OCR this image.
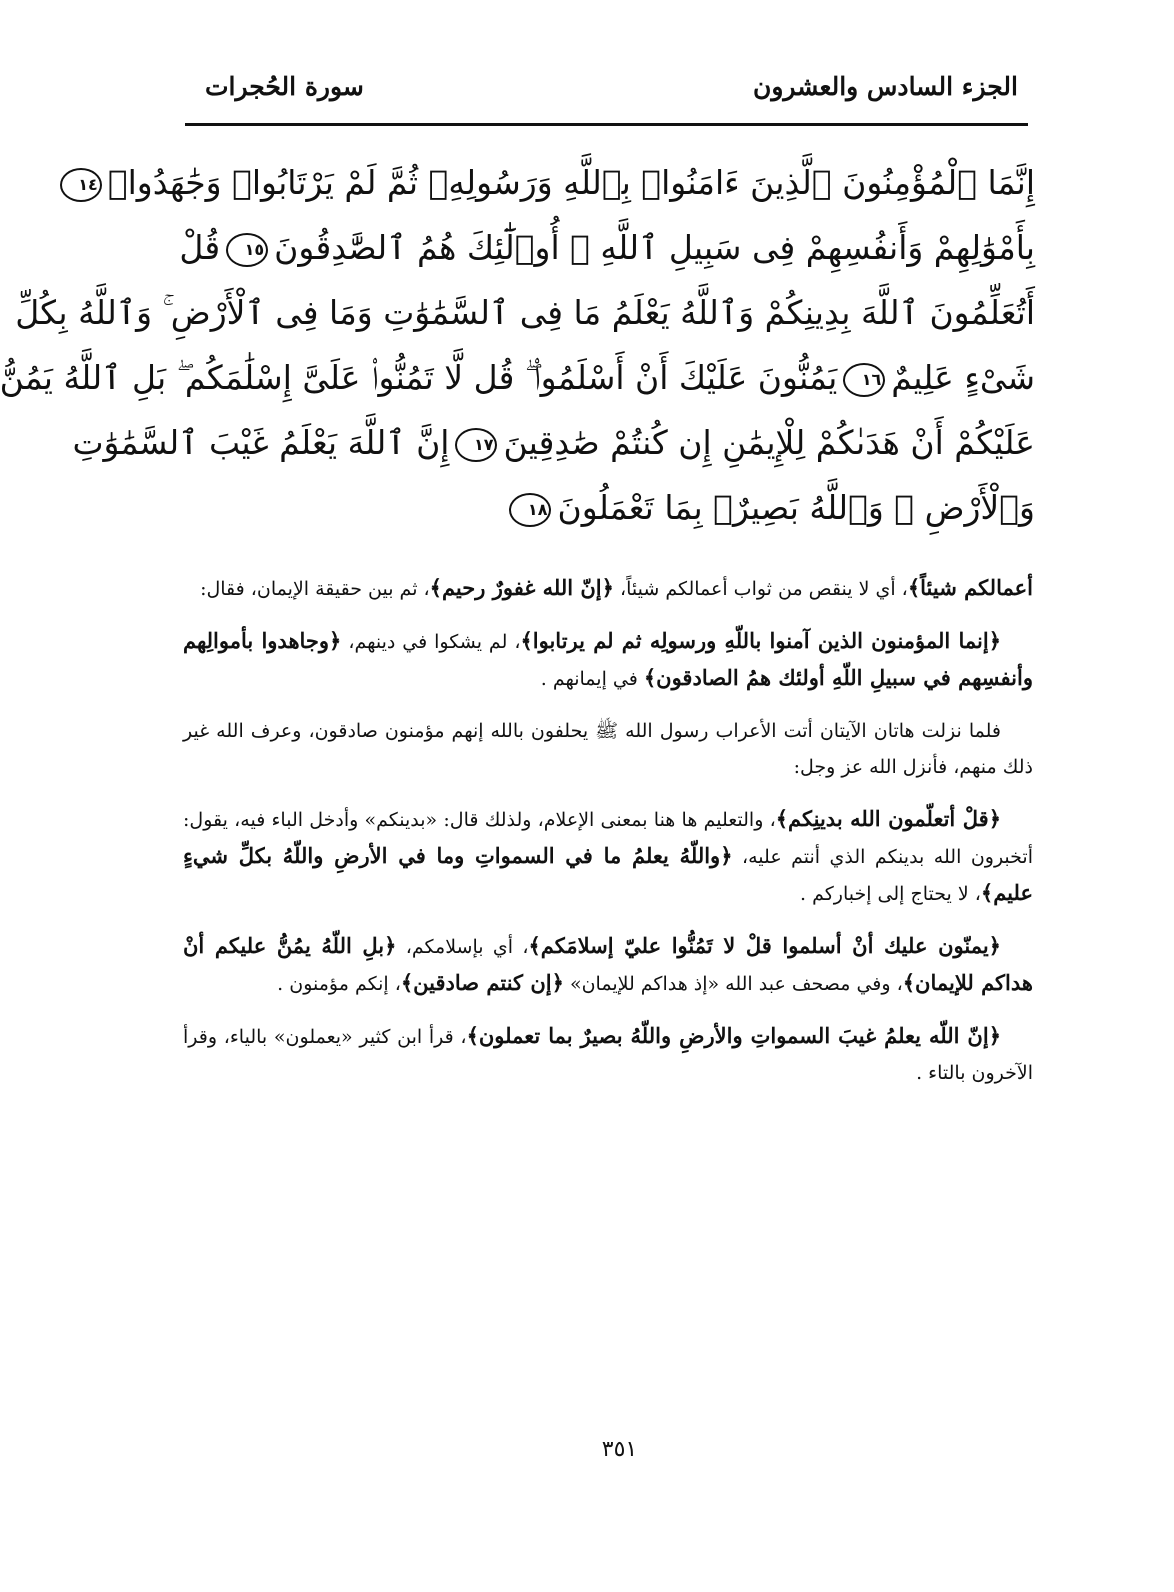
الجزء السادس والعشرون
سورة الحُجرات
إِنَّمَا ٱلْمُؤْمِنُونَ ٱلَّذِينَ ءَامَنُوا۟ بِٱللَّهِ وَرَسُولِهِۦ ثُمَّ لَمْ يَرْتَابُوا۟ وَجَٰهَدُوا۟١٤
بِأَمْوَٰلِهِمْ وَأَنفُسِهِمْ فِى سَبِيلِ ٱللَّهِ ۚ أُو۟لَٰٓئِكَ هُمُ ٱلصَّٰدِقُونَ١٥قُلْ
أَتُعَلِّمُونَ ٱللَّهَ بِدِينِكُمْ وَٱللَّهُ يَعْلَمُ مَا فِى ٱلسَّمَٰوَٰتِ وَمَا فِى ٱلْأَرْضِ ۚ وَٱللَّهُ بِكُلِّ
شَىْءٍ عَلِيمٌ١٦يَمُنُّونَ عَلَيْكَ أَنْ أَسْلَمُوا۟ ۖ قُل لَّا تَمُنُّوا۟ عَلَىَّ إِسْلَٰمَكُم ۖ بَلِ ٱللَّهُ يَمُنُّ
عَلَيْكُمْ أَنْ هَدَىٰكُمْ لِلْإِيمَٰنِ إِن كُنتُمْ صَٰدِقِينَ١٧إِنَّ ٱللَّهَ يَعْلَمُ غَيْبَ ٱلسَّمَٰوَٰتِ
وَٱلْأَرْضِ ۚ وَٱللَّهُ بَصِيرٌۢ بِمَا تَعْمَلُونَ١٨

أعمالكم شيئاً﴾، أي لا ينقص من ثواب أعمالكم شيئاً، ﴿إنّ الله غفورٌ رحيم﴾، ثم بين حقيقة الإيمان، فقال:

﴿إنما المؤمنون الذين آمنوا باللّهِ ورسولِه ثم لم يرتابوا﴾، لم يشكوا في دينهم، ﴿وجاهدوا بأموالِهم وأنفسِهم في سبيلِ اللّهِ أولئك همُ الصادقون﴾ في إيمانهم .

فلما نزلت هاتان الآيتان أتت الأعراب رسول الله ﷺ يحلفون بالله إنهم مؤمنون صادقون، وعرف الله غير ذلك منهم، فأنزل الله عز وجل:

﴿قلْ أتعلّمون الله بدينِكم﴾، والتعليم ها هنا بمعنى الإعلام، ولذلك قال: «بدينكم» وأدخل الباء فيه، يقول: أتخبرون الله بدينكم الذي أنتم عليه، ﴿واللّهُ يعلمُ ما في السمواتِ وما في الأرضِ واللّهُ بكلِّ شيءٍ عليم﴾، لا يحتاج إلى إخباركم .

﴿يمنّون عليك أنْ أسلموا قلْ لا تَمُنُّوا عليّ إسلامَكم﴾، أي بإسلامكم، ﴿بلِ اللّهُ يمُنُّ عليكم أنْ هداكم للإيمان﴾، وفي مصحف عبد الله «إذ هداكم للإيمان» ﴿إن كنتم صادقين﴾، إنكم مؤمنون .

﴿إنّ اللّه يعلمُ غيبَ السمواتِ والأرضِ واللّهُ بصيرٌ بما تعملون﴾، قرأ ابن كثير «يعملون» بالياء، وقرأ الآخرون بالتاء .

٣٥١
